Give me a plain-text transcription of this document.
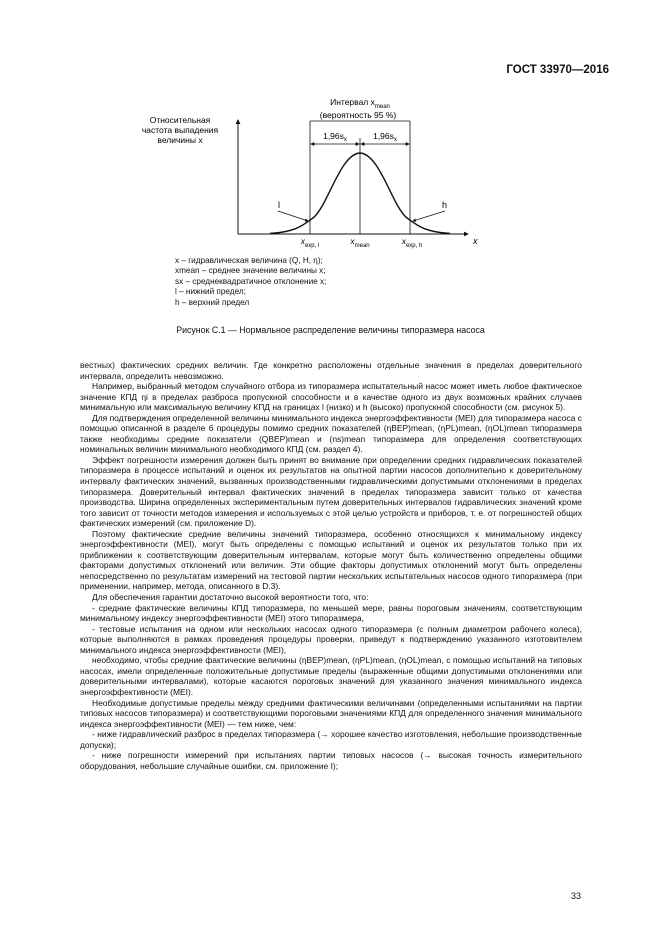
ГОСТ 33970—2016
Относительная
частота выпадения
величины x
x
Интервал $x_{mean}$
(вероятность 95 %)
$1,96s_x$	$1,96s_x$
l	h
$x_{exp, l}$	$x_{mean}$	$x_{exp, h}$
x – гидравлическая величина (Q, H, η);
xmean – среднее значение величины x;
sx – среднеквадратичное отклонение x;
l – нижний предел;
h – верхний предел
Рисунок С.1 — Нормальное распределение величины типоразмера насоса

вестных) фактических средних величин. Где конкретно расположены отдельные значения в пределах доверительного интервала, определить невозможно.

Например, выбранный методом случайного отбора из типоразмера испытательный насос может иметь любое фактическое значение КПД ηi в пределах разброса пропускной способности и в качестве одного из двух возможных крайних случаев минимальную или максимальную величину КПД на границах l (низко) и h (высоко) пропускной способности (см. рисунок 5).

Для подтверждения определенной величины минимального индекса энергоэффективности (MEI) для типоразмера насоса с помощью описанной в разделе 6 процедуры помимо средних показателей (ηBEP)mean, (ηPL)mean, (ηOL)mean типоразмера также необходимы средние показатели (QBEP)mean и (ns)mean типоразмера для определения соответствующих номинальных величин минимального необходимого КПД (см. раздел 4).

Эффект погрешности измерения должен быть принят во внимание при определении средних гидравлических показателей типоразмера в процессе испытаний и оценок их результатов на опытной партии насосов дополнительно к доверительному интервалу фактических значений, вызванных производственными гидравлическими допустимыми отклонениями в пределах типоразмера. Доверительный интервал фактических значений в пределах типоразмера зависит только от качества производства. Ширина определенных экспериментальным путем доверительных интервалов гидравлических значений кроме того зависит от точности методов измерения и используемых с этой целью устройств и приборов, т. е. от погрешностей общих фактических измерений (см. приложение D).

Поэтому фактические средние величины значений типоразмера, особенно относящихся к минимальному индексу энергоэффективности (MEI), могут быть определены с помощью испытаний и оценок их результатов только при их приближении к соответствующим доверительным интервалам, которые могут быть количественно определены общими факторами допустимых отклонений или величин. Эти общие факторы допустимых отклонений могут быть определены непосредственно по результатам измерений на тестовой партии нескольких испытательных насосов одного типоразмера (при применении, например, метода, описанного в D.3).

Для обеспечения гарантии достаточно высокой вероятности того, что:

- средние фактические величины КПД типоразмера, по меньшей мере, равны пороговым значениям, соответствующим минимальному индексу энергоэффективности (MEI) этого типоразмера,

- тестовые испытания на одном или нескольких насосах одного типоразмера (с полным диаметром рабочего колеса), которые выполняются в рамках проведения процедуры проверки, приведут к подтверждению указанного изготовителем минимального индекса энергоэффективности (MEI),

необходимо, чтобы средние фактические величины (ηBEP)mean, (ηPL)mean, (ηOL)mean, с помощью испытаний на типовых насосах, имели определенные положительные допустимые пределы (выраженные общими допустимыми отклонениями или доверительными интервалами), которые касаются пороговых значений для указанного значения минимального индекса энергоэффективности (MEI).

Необходимые допустимые пределы между средними фактическими величинами (определенными испытаниями на партии типовых насосов типоразмера) и соответствующими пороговыми значениями КПД для определенного значения минимального индекса энергоэффективности (MEI) — тем ниже, чем:

- ниже гидравлический разброс в пределах типоразмера (→ хорошее качество изготовления, небольшие производственные допуски);

- ниже погрешности измерений при испытаниях партии типовых насосов (→ высокая точность измерительного оборудования, небольшие случайные ошибки, см. приложение I);

33
